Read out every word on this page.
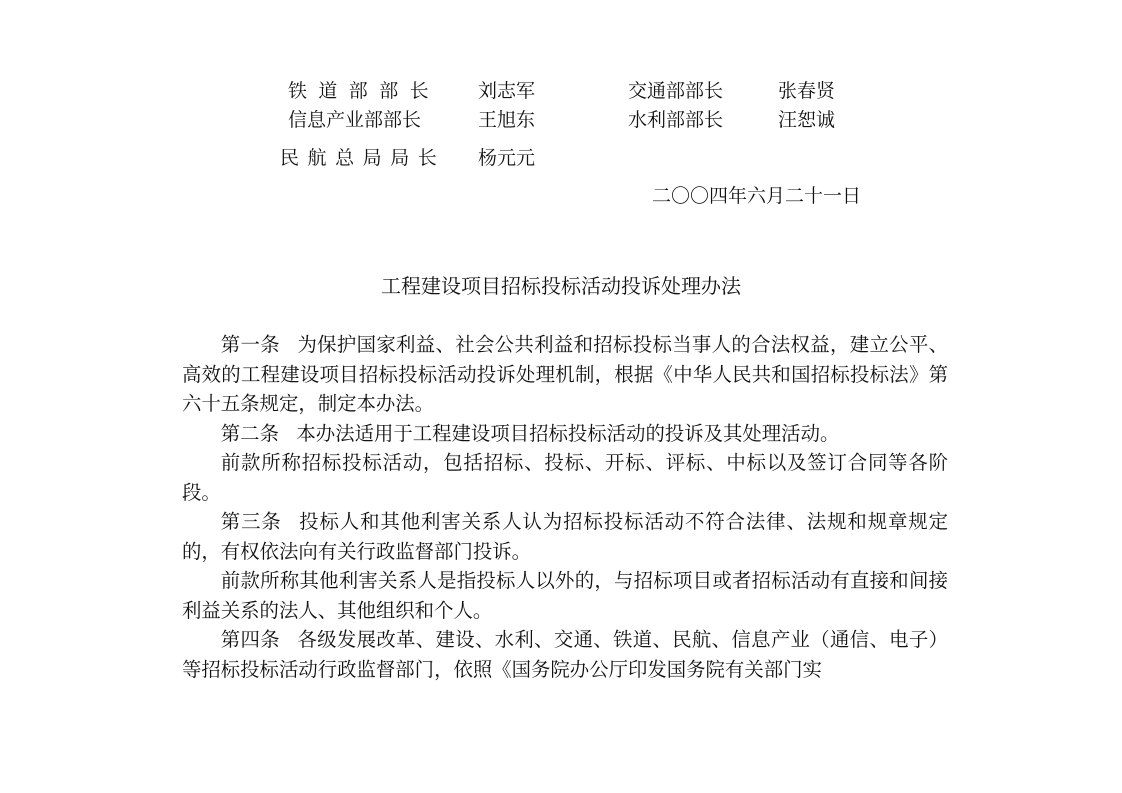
铁道部部长 刘志军	交通部部长	张春贤
信息产业部部长	王旭东	水利部部长	汪恕诚
民航总局局长 杨元元
二〇〇四年六月二十一日
工程建设项目招标投标活动投诉处理办法

第一条 为保护国家利益、社会公共利益和招标投标当事人的合法权益，建立公平、高效的工程建设项目招标投标活动投诉处理机制，根据《中华人民共和国招标投标法》第六十五条规定，制定本办法。

第二条 本办法适用于工程建设项目招标投标活动的投诉及其处理活动。

前款所称招标投标活动，包括招标、投标、开标、评标、中标以及签订合同等各阶段。

第三条 投标人和其他利害关系人认为招标投标活动不符合法律、法规和规章规定的，有权依法向有关行政监督部门投诉。

前款所称其他利害关系人是指投标人以外的，与招标项目或者招标活动有直接和间接利益关系的法人、其他组织和个人。

第四条 各级发展改革、建设、水利、交通、铁道、民航、信息产业（通信、电子）等招标投标活动行政监督部门，依照《国务院办公厅印发国务院有关部门实
